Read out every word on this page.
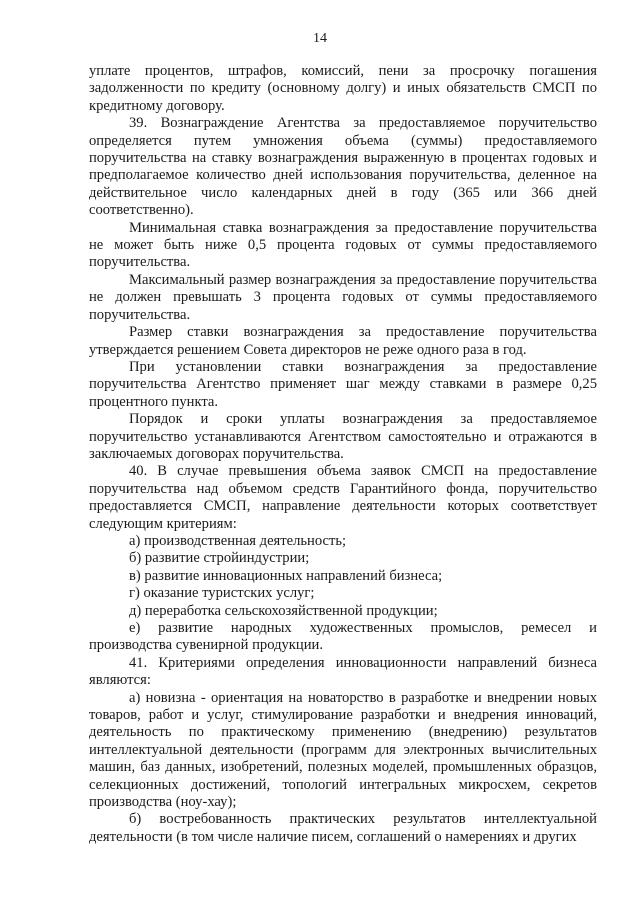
14

уплате процентов, штрафов, комиссий, пени за просрочку погашения задолженности по кредиту (основному долгу) и иных обязательств СМСП по кредитному договору.

39. Вознаграждение Агентства за предоставляемое поручительство определяется путем умножения объема (суммы) предоставляемого поручительства на ставку вознаграждения выраженную в процентах годовых и предполагаемое количество дней использования поручительства, деленное на действительное число календарных дней в году (365 или 366 дней соответственно).

Минимальная ставка вознаграждения за предоставление поручительства не может быть ниже 0,5 процента годовых от суммы предоставляемого поручительства.

Максимальный размер вознаграждения за предоставление поручительства не должен превышать 3 процента годовых от суммы предоставляемого поручительства.

Размер ставки вознаграждения за предоставление поручительства утверждается решением Совета директоров не реже одного раза в год.

При установлении ставки вознаграждения за предоставление поручительства Агентство применяет шаг между ставками в размере 0,25 процентного пункта.

Порядок и сроки уплаты вознаграждения за предоставляемое поручительство устанавливаются Агентством самостоятельно и отражаются в заключаемых договорах поручительства.

40. В случае превышения объема заявок СМСП на предоставление поручительства над объемом средств Гарантийного фонда, поручительство предоставляется СМСП, направление деятельности которых соответствует следующим критериям:

а) производственная деятельность;

б) развитие стройиндустрии;

в) развитие инновационных направлений бизнеса;

г) оказание туристских услуг;

д) переработка сельскохозяйственной продукции;

е) развитие народных художественных промыслов, ремесел и производства сувенирной продукции.

41. Критериями определения инновационности направлений бизнеса являются:

а) новизна - ориентация на новаторство в разработке и внедрении новых товаров, работ и услуг, стимулирование разработки и внедрения инноваций, деятельность по практическому применению (внедрению) результатов интеллектуальной деятельности (программ для электронных вычислительных машин, баз данных, изобретений, полезных моделей, промышленных образцов, селекционных достижений, топологий интегральных микросхем, секретов производства (ноу-хау);

б) востребованность практических результатов интеллектуальной деятельности (в том числе наличие писем, соглашений о намерениях и других
